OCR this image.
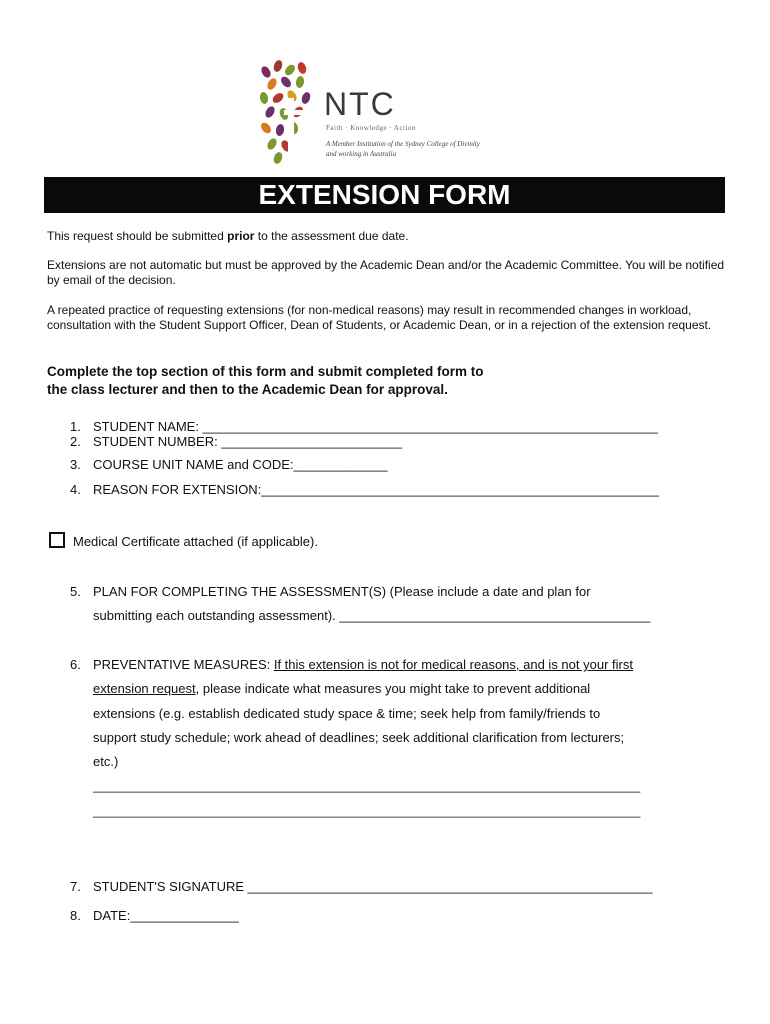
NTC
Faith · Knowledge · Action
A Member Institution of the Sydney College of Divinity
and working in Australia
EXTENSION FORM
This request should be submitted prior to the assessment due date.
Extensions are not automatic but must be approved by the Academic Dean and/or the Academic Committee. You will be notified by email of the decision.
A repeated practice of requesting extensions (for non-medical reasons) may result in recommended changes in workload, consultation with the Student Support Officer, Dean of Students, or Academic Dean, or in a rejection of the extension request.
Complete the top section of this form and submit completed form to
the class lecturer and then to the Academic Dean for approval.
1. STUDENT NAME: _______________________________________________________________
2. STUDENT NUMBER: _________________________
3. COURSE UNIT NAME and CODE:_____________
4. REASON FOR EXTENSION:_______________________________________________________
Medical Certificate attached (if applicable).
5. PLAN FOR COMPLETING THE ASSESSMENT(S) (Please include a date and plan for
submitting each outstanding assessment). ___________________________________________
6. PREVENTATIVE MEASURES: If this extension is not for medical reasons, and is not your first
extension request, please indicate what measures you might take to prevent additional
extensions (e.g. establish dedicated study space & time; seek help from family/friends to
support study schedule; work ahead of deadlines; seek additional clarification from lecturers;
etc.)
__________________________________________________________________________________
__________________________________________________________________________________
7. STUDENT'S SIGNATURE ________________________________________________________
8. DATE:_______________
